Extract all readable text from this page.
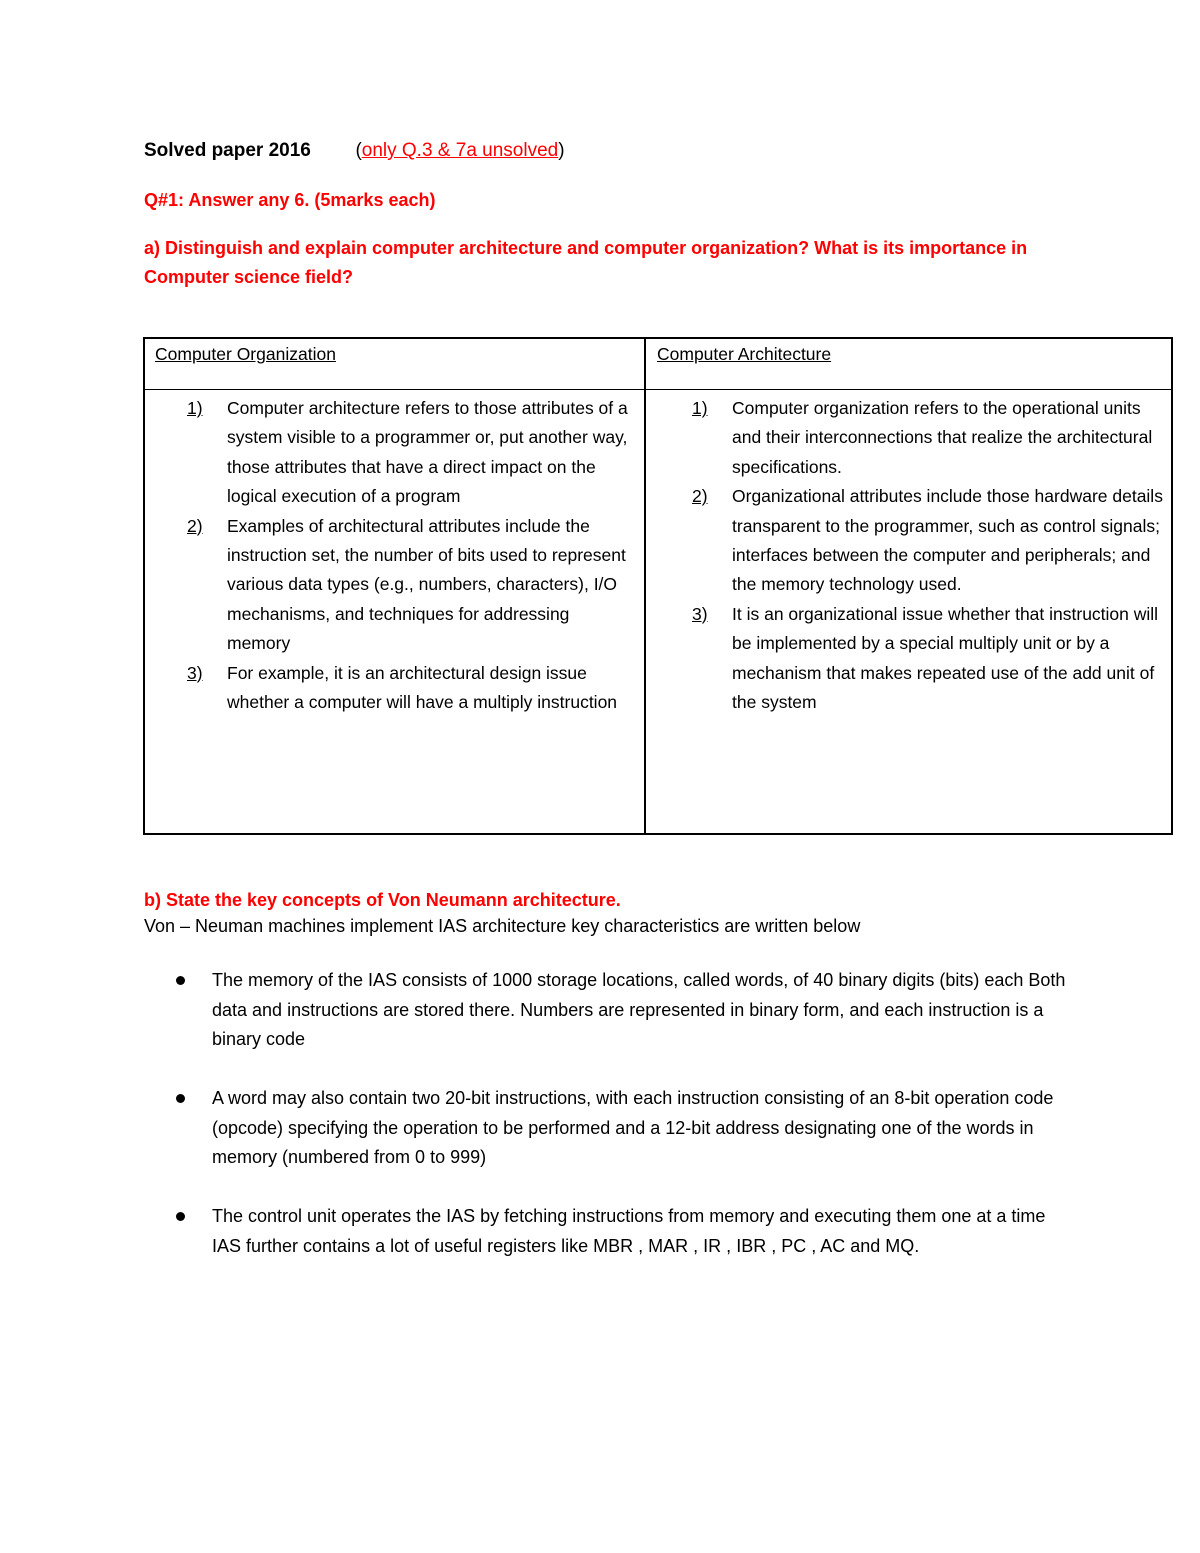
Solved paper 2016 (only Q.3 & 7a unsolved)
Q#1: Answer any 6. (5marks each)
a) Distinguish and explain computer architecture and computer organization? What is its importance in Computer science field?
Computer Organization	Computer Architecture
1)	Computer architecture refers to those attributes of a system visible to a programmer or, put another way, those attributes that have a direct impact on the logical execution of a program
2)	Examples of architectural attributes include the instruction set, the number of bits used to represent various data types (e.g., numbers, characters), I/O mechanisms, and techniques for addressing memory
3)	For example, it is an architectural design issue whether a computer will have a multiply instruction
1)	Computer organization refers to the operational units and their interconnections that realize the architectural specifications.
2)	Organizational attributes include those hardware details transparent to the programmer, such as control signals; interfaces between the computer and peripherals; and the memory technology used.
3)	It is an organizational issue whether that instruction will be implemented by a special multiply unit or by a mechanism that makes repeated use of the add unit of the system
b) State the key concepts of Von Neumann architecture.
Von – Neuman machines implement IAS architecture key characteristics are written below
The memory of the IAS consists of 1000 storage locations, called words, of 40 binary digits (bits) each Both data and instructions are stored there. Numbers are represented in binary form, and each instruction is a binary code
A word may also contain two 20-bit instructions, with each instruction consisting of an 8-bit operation code (opcode) specifying the operation to be performed and a 12-bit address designating one of the words in memory (numbered from 0 to 999)
The control unit operates the IAS by fetching instructions from memory and executing them one at a time
IAS further contains a lot of useful registers like MBR , MAR , IR , IBR , PC , AC and MQ.
